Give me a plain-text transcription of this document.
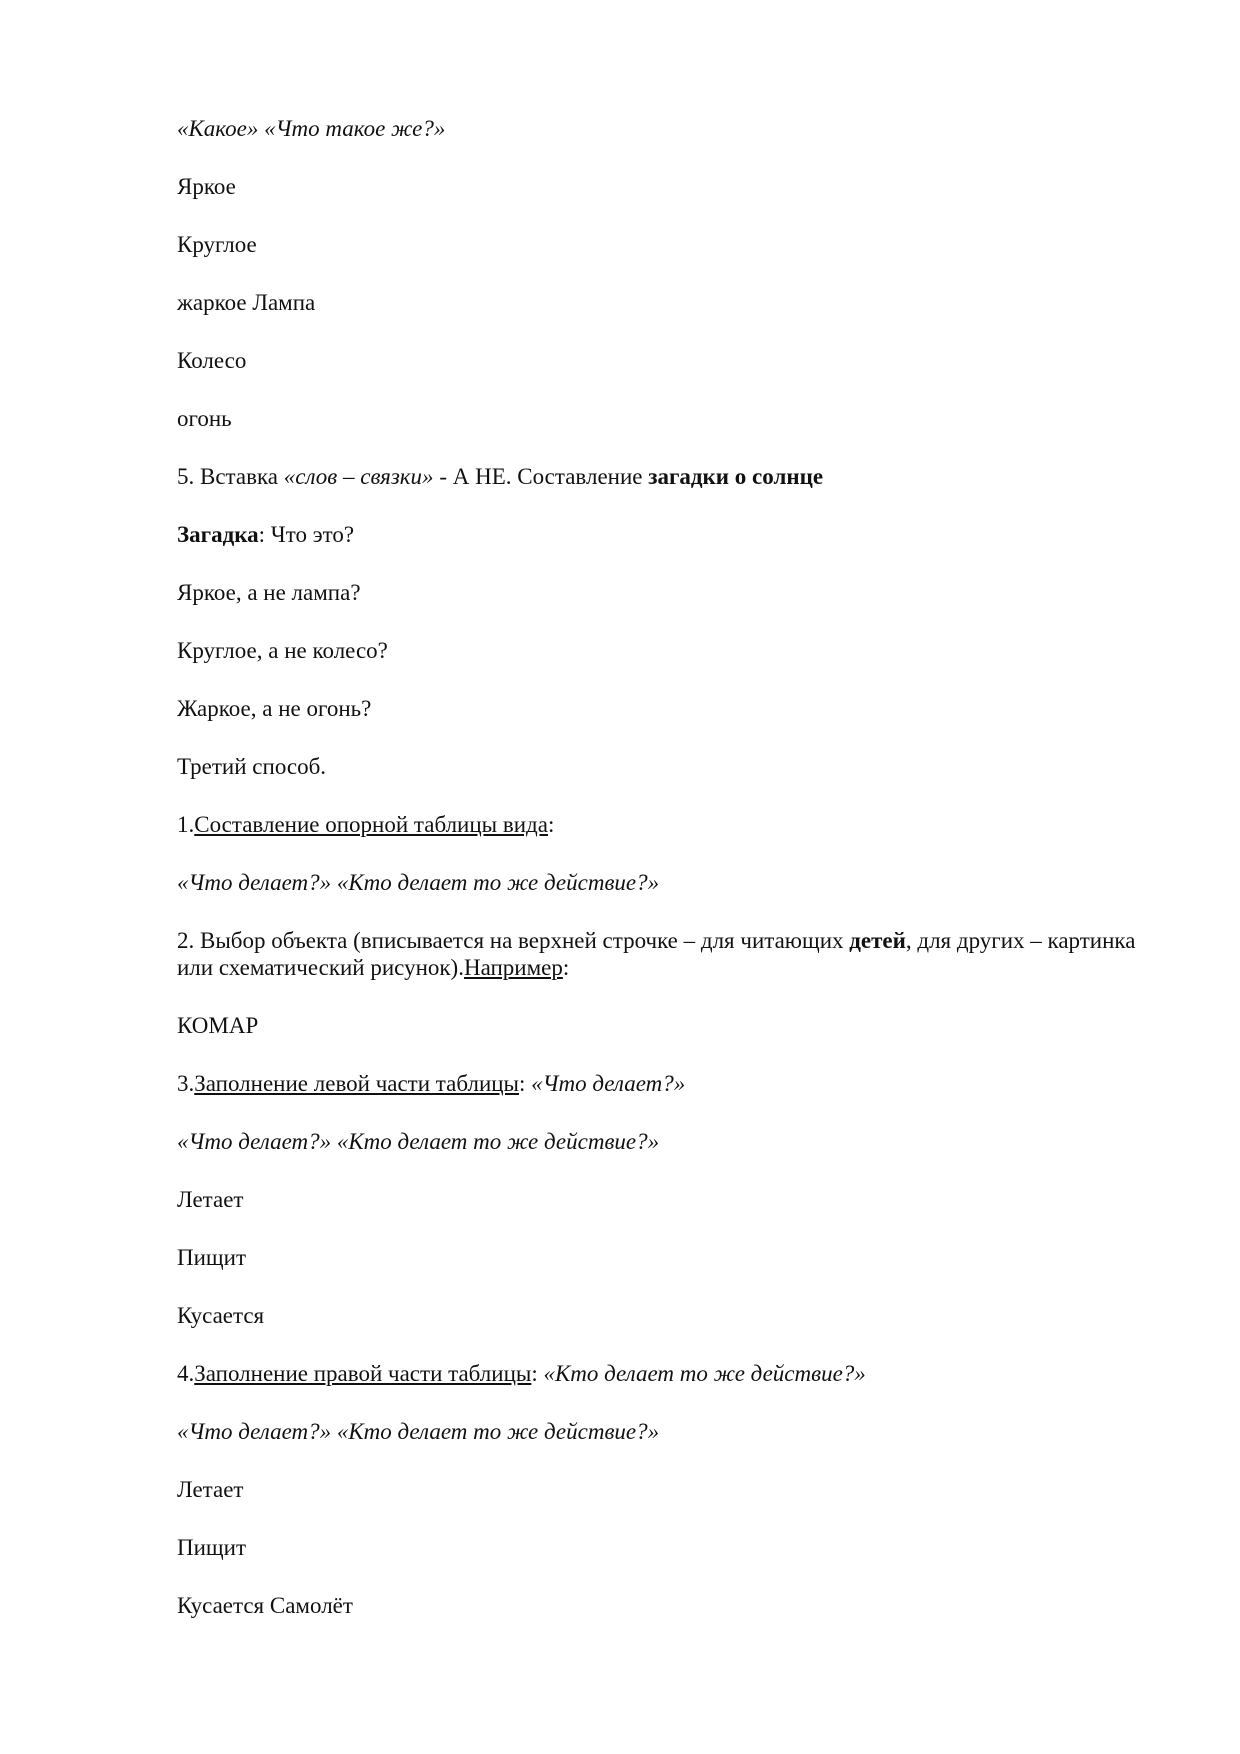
«Какое» «Что такое же?»

Яркое

Круглое

жаркое Лампа

Колесо

огонь

5. Вставка «слов – связки» - А НЕ. Составление загадки о солнце

Загадка: Что это?

Яркое, а не лампа?

Круглое, а не колесо?

Жаркое, а не огонь?

Третий способ.

1.Составление опорной таблицы вида:

«Что делает?» «Кто делает то же действие?»

2. Выбор объекта (вписывается на верхней строчке – для читающих детей, для других – картинка или схематический рисунок).Например:

КОМАР

3.Заполнение левой части таблицы: «Что делает?»

«Что делает?» «Кто делает то же действие?»

Летает

Пищит

Кусается

4.Заполнение правой части таблицы: «Кто делает то же действие?»

«Что делает?» «Кто делает то же действие?»

Летает

Пищит

Кусается Самолёт
